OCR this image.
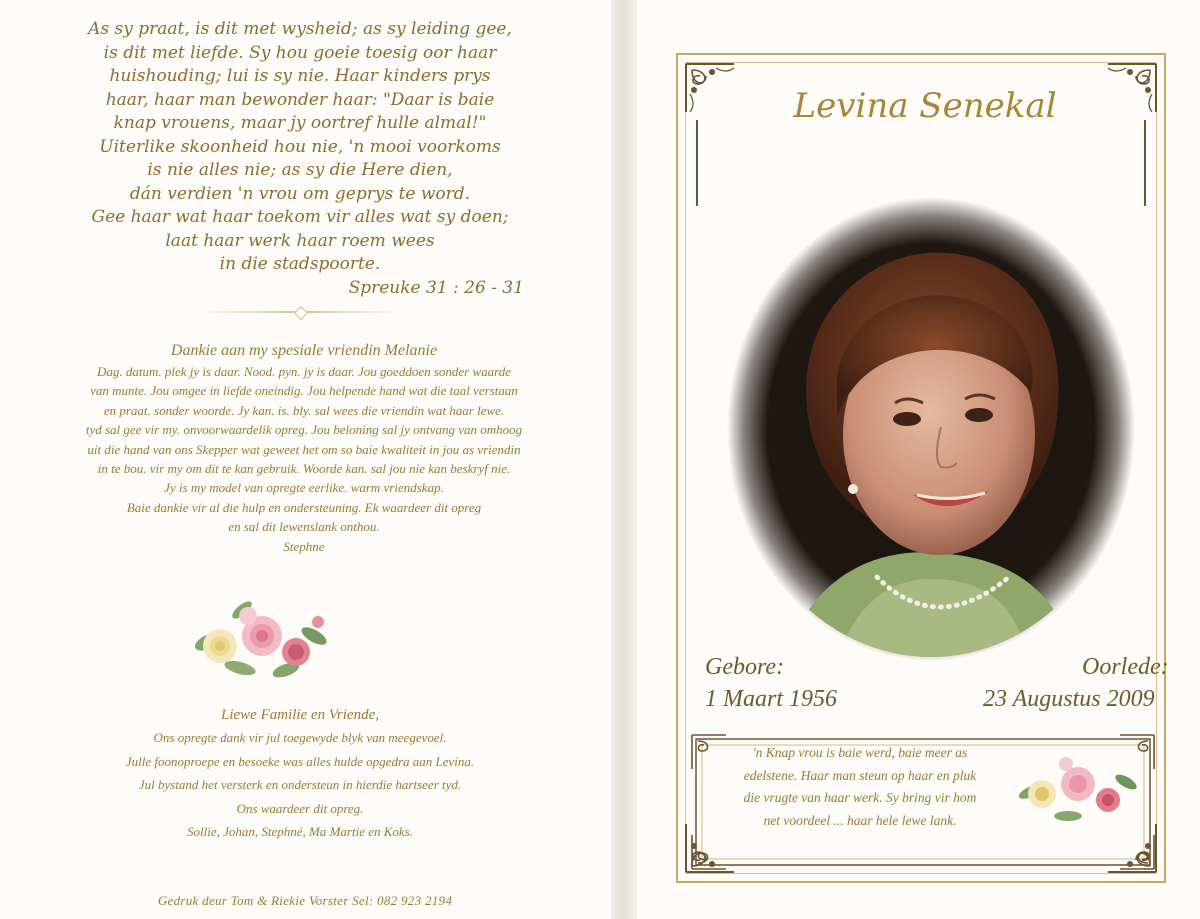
As sy praat, is dit met wysheid; as sy leiding gee,
is dit met liefde. Sy hou goeie toesig oor haar
huishouding; lui is sy nie. Haar kinders prys
haar, haar man bewonder haar: "Daar is baie
knap vrouens, maar jy oortref hulle almal!"
Uiterlike skoonheid hou nie, 'n mooi voorkoms
is nie alles nie; as sy die Here dien,
dán verdien 'n vrou om geprys te word.
Gee haar wat haar toekom vir alles wat sy doen;
laat haar werk haar roem wees
in die stadspoorte.
Spreuke 31 : 26 - 31
Dankie aan my spesiale vriendin Melanie
Dag. datum. plek jy is daar. Nood. pyn. jy is daar. Jou goeddoen sonder waarde
van munte. Jou omgee in liefde oneindig. Jou helpende hand wat die taal verstaan
en praat. sonder woorde. Jy kan. is. bly. sal wees die vriendin wat haar lewe.
tyd sal gee vir my. onvoorwaardelik opreg. Jou beloning sal jy ontvang van omhoog
uit die hand van ons Skepper wat geweet het om so baie kwaliteit in jou as vriendin
in te bou. vir my om dit te kan gebruik. Woorde kan. sal jou nie kan beskryf nie.
Jy is my model van opregte eerlike. warm vriendskap.
Baie dankie vir al die hulp en ondersteuning. Ek waardeer dit opreg
en sal dit lewenslank onthou.
Stephne
Liewe Familie en Vriende,
Ons opregte dank vir jul toegewyde blyk van meegevoel.
Julle foonoproepe en besoeke was alles hulde opgedra aan Levina.
Jul bystand het versterk en ondersteun in hierdie hartseer tyd.
Ons waardeer dit opreg.
Sollie, Johan, Stephné, Ma Martie en Koks.
Gedruk deur Tom & Riekie Vorster Sel: 082 923 2194
Levina Senekal
Gebore:
1 Maart 1956
Oorlede:
23 Augustus 2009
'n Knap vrou is baie werd, baie meer as
edelstene. Haar man steun op haar en pluk
die vrugte van haar werk. Sy bring vir hom
net voordeel ... haar hele lewe lank.
